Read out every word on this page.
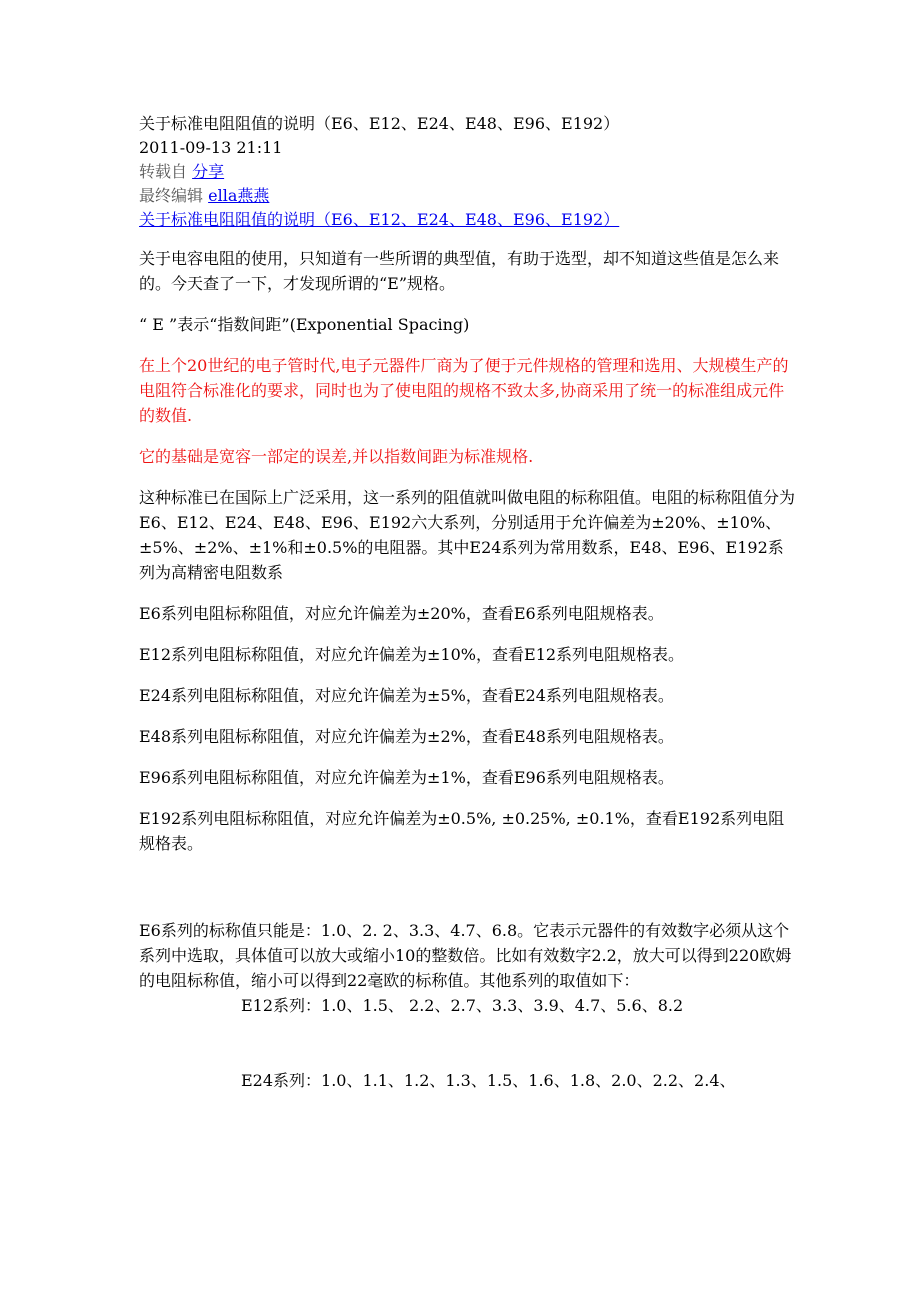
关于标准电阻阻值的说明（E6、E12、E24、E48、E96、E192）
2011-09-13 21:11
转载自 分享
最终编辑 ella燕燕
关于标准电阻阻值的说明（E6、E12、E24、E48、E96、E192）
关于电容电阻的使用，只知道有一些所谓的典型值，有助于选型，却不知道这些值是怎么来的。今天查了一下，才发现所谓的“E”规格。
“ E ”表示“指数间距”(Exponential Spacing)
在上个20世纪的电子管时代,电子元器件厂商为了便于元件规格的管理和选用、大规模生产的电阻符合标准化的要求，同时也为了使电阻的规格不致太多,协商采用了统一的标准组成元件的数值.
它的基础是宽容一部定的误差,并以指数间距为标准规格.
这种标准已在国际上广泛采用，这一系列的阻值就叫做电阻的标称阻值。电阻的标称阻值分为E6、E12、E24、E48、E96、E192六大系列，分别适用于允许偏差为±20%、±10%、±5%、±2%、±1%和±0.5%的电阻器。其中E24系列为常用数系，E48、E96、E192系列为高精密电阻数系
E6系列电阻标称阻值，对应允许偏差为±20%，查看E6系列电阻规格表。
E12系列电阻标称阻值，对应允许偏差为±10%，查看E12系列电阻规格表。
E24系列电阻标称阻值，对应允许偏差为±5%，查看E24系列电阻规格表。
E48系列电阻标称阻值，对应允许偏差为±2%，查看E48系列电阻规格表。
E96系列电阻标称阻值，对应允许偏差为±1%，查看E96系列电阻规格表。
E192系列电阻标称阻值，对应允许偏差为±0.5%, ±0.25%, ±0.1%，查看E192系列电阻规格表。
E6系列的标称值只能是：1.0、2. 2、3.3、4.7、6.8。它表示元器件的有效数字必须从这个系列中选取，具体值可以放大或缩小10的整数倍。比如有效数字2.2，放大可以得到220欧姆的电阻标称值，缩小可以得到22毫欧的标称值。其他系列的取值如下：
E12系列：1.0、1.5、 2.2、2.7、3.3、3.9、4.7、5.6、8.2
E24系列：1.0、1.1、1.2、1.3、1.5、1.6、1.8、2.0、2.2、2.4、
